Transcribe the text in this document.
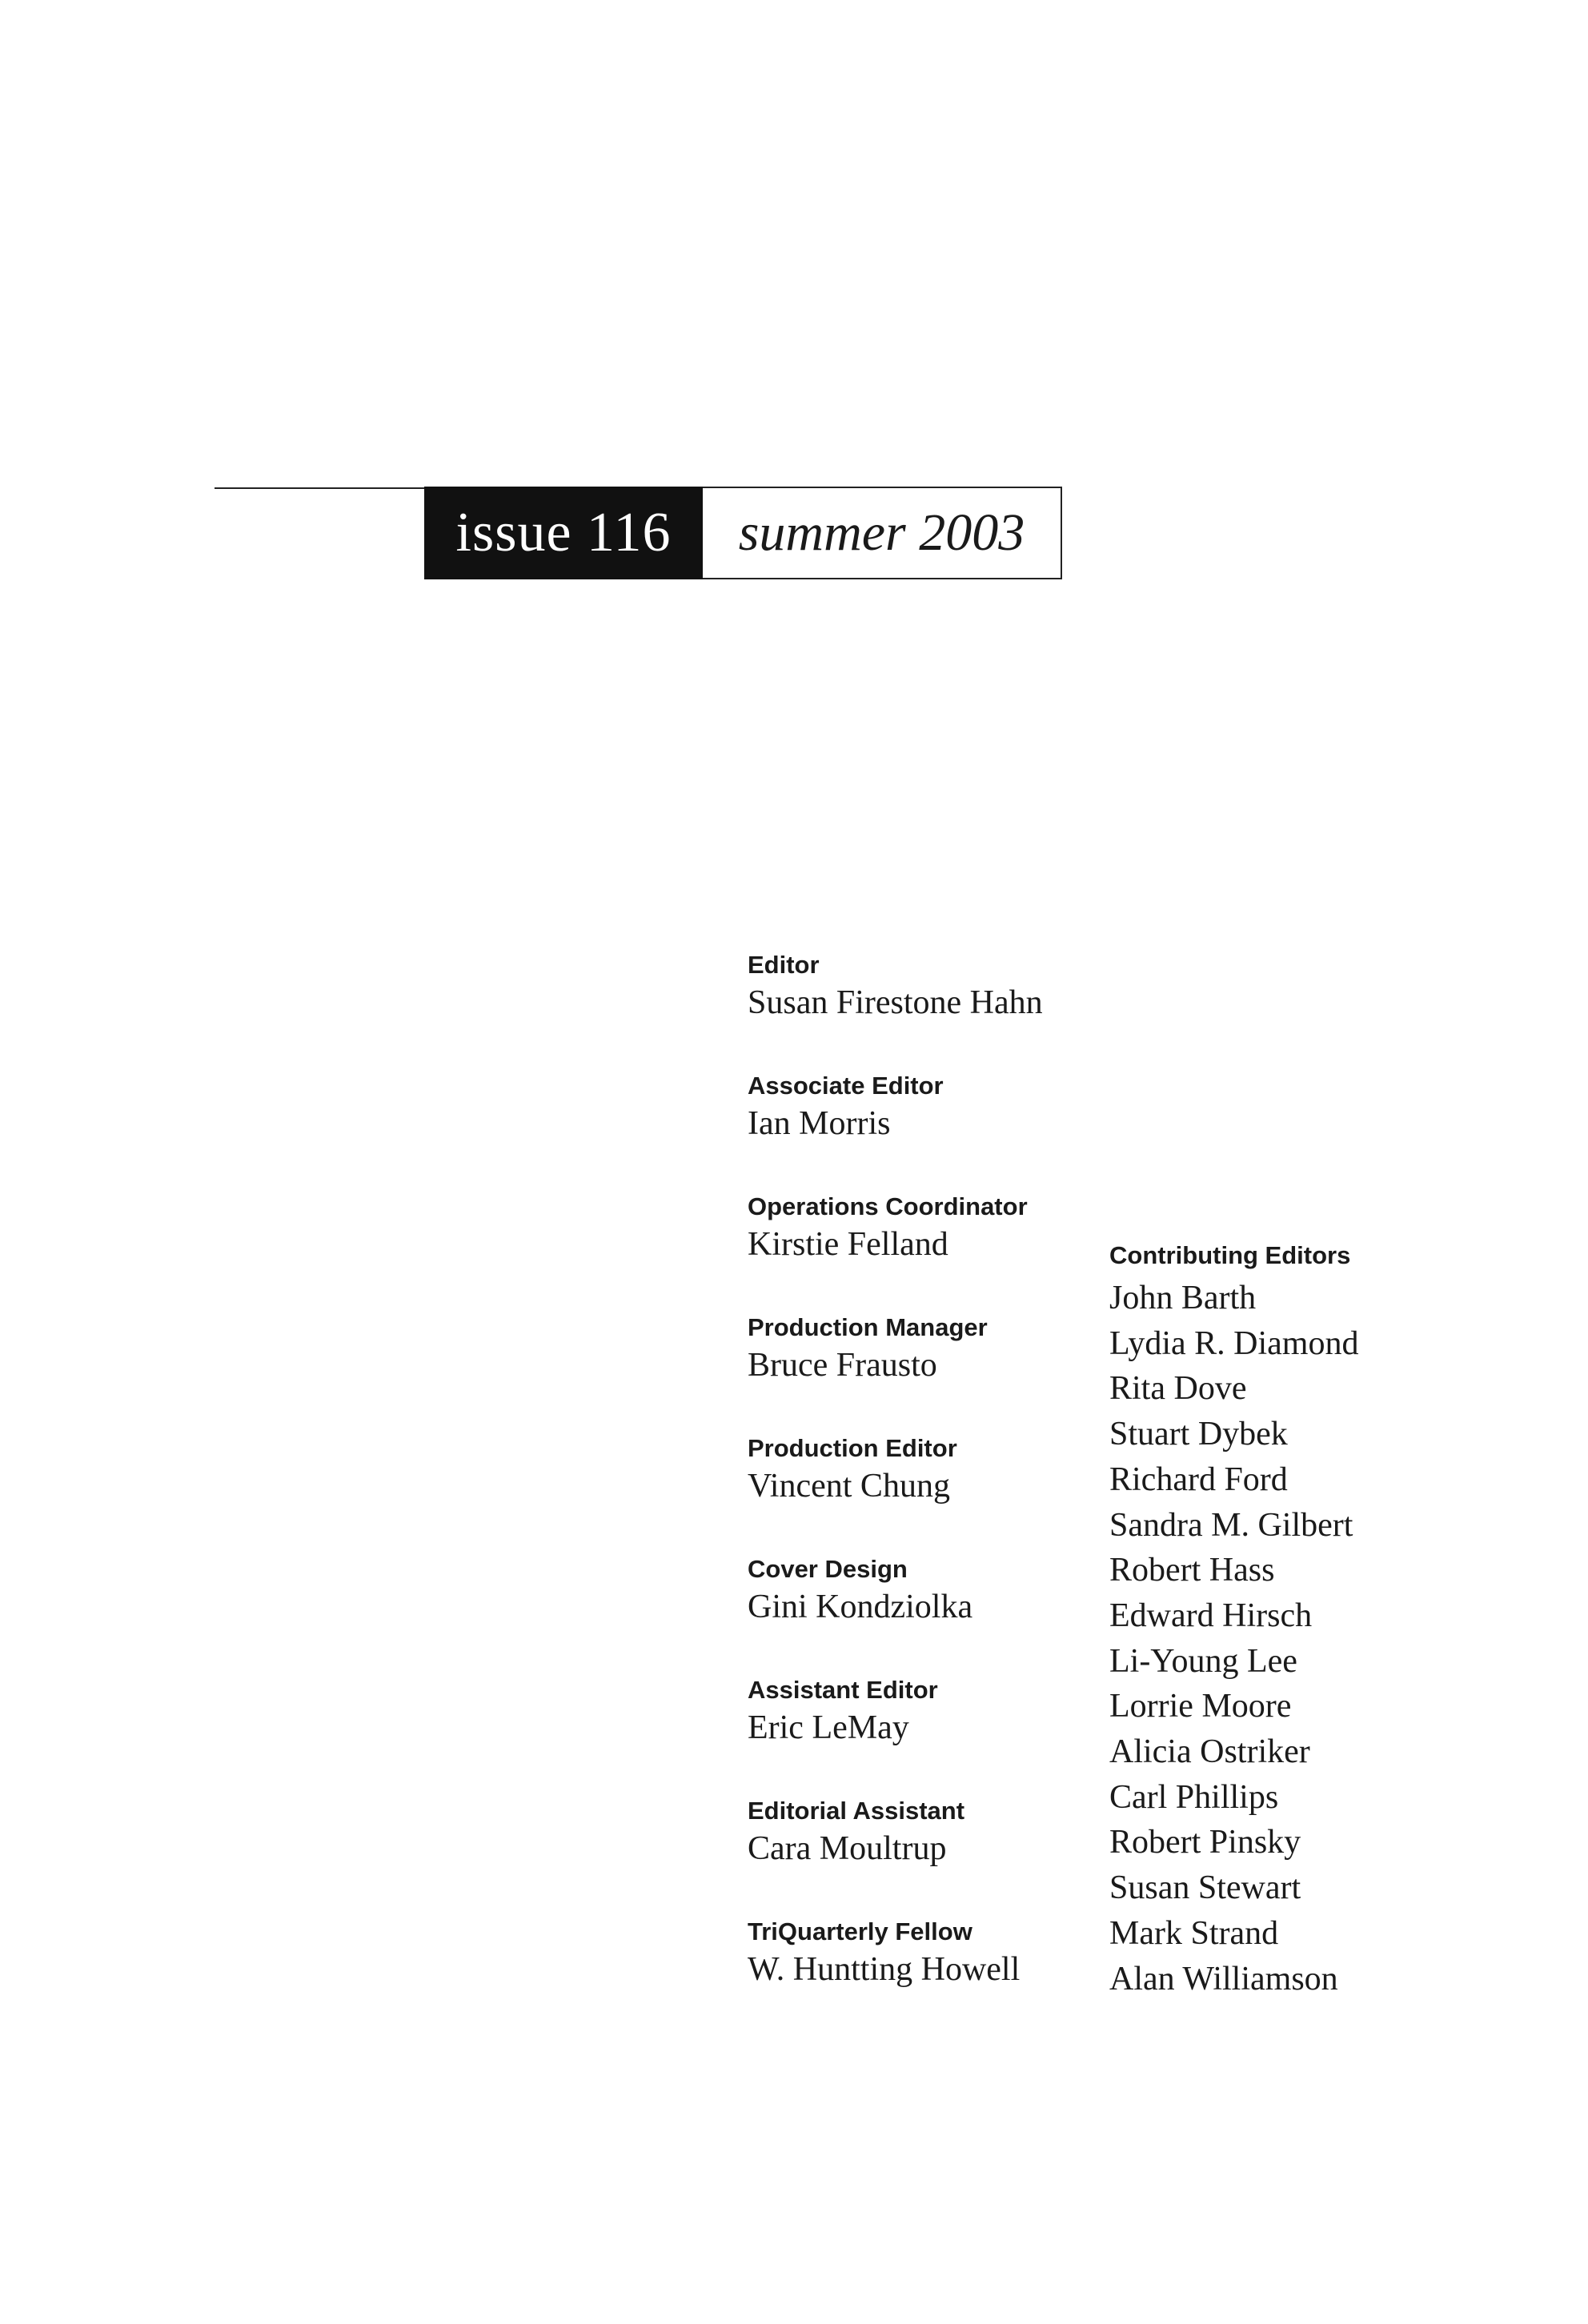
issue 116	summer 2003

Editor

Susan Firestone Hahn

Associate Editor

Ian Morris

Operations Coordinator

Kirstie Felland

Production Manager

Bruce Frausto

Production Editor

Vincent Chung

Cover Design

Gini Kondziolka

Assistant Editor

Eric LeMay

Editorial Assistant

Cara Moultrup

TriQuarterly Fellow

W. Huntting Howell

Contributing Editors

John Barth
Lydia R. Diamond
Rita Dove
Stuart Dybek
Richard Ford
Sandra M. Gilbert
Robert Hass
Edward Hirsch
Li-Young Lee
Lorrie Moore
Alicia Ostriker
Carl Phillips
Robert Pinsky
Susan Stewart
Mark Strand
Alan Williamson
